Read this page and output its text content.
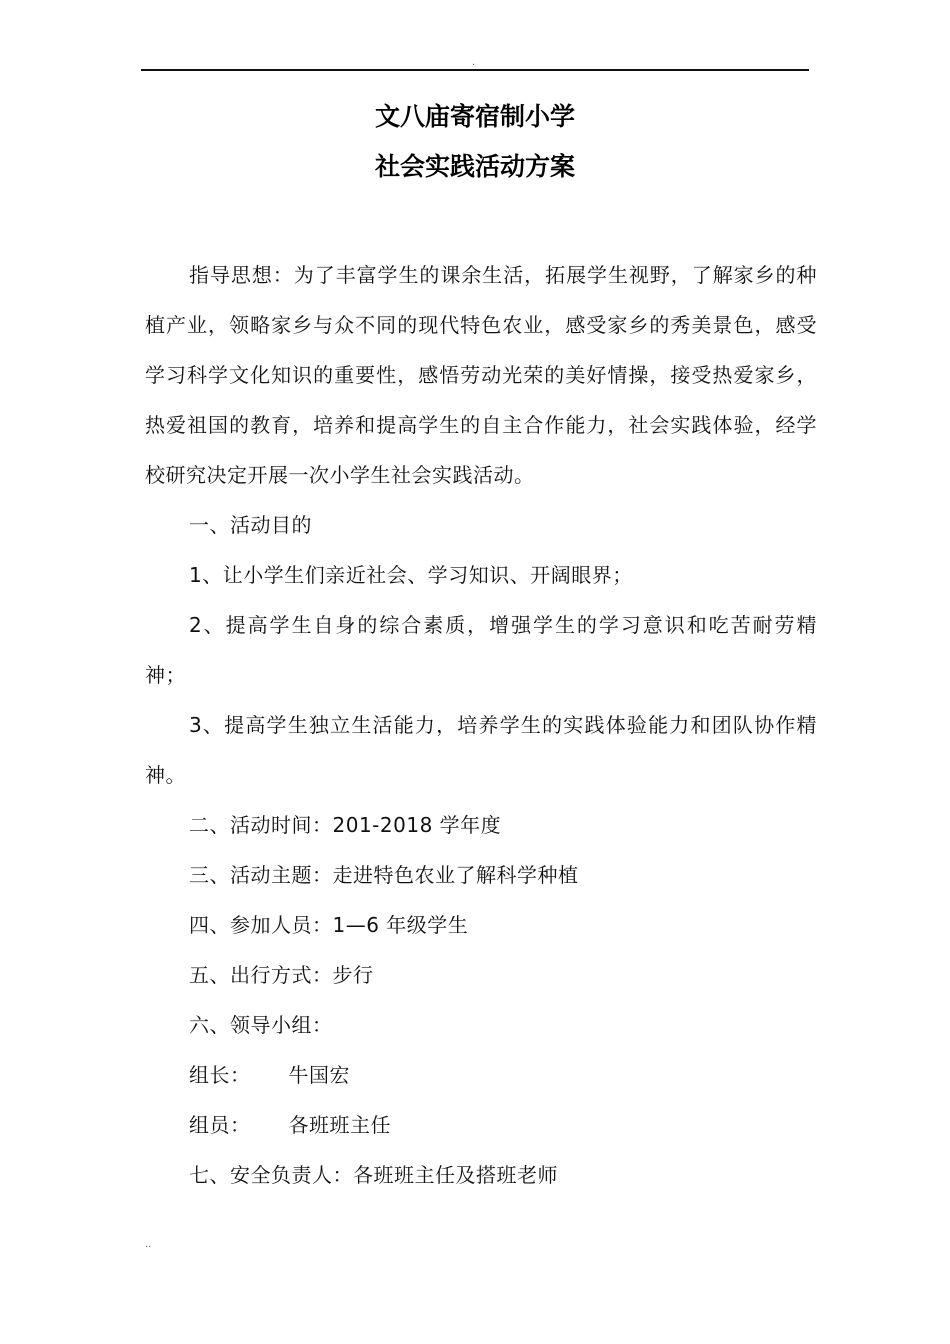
.
文八庙寄宿制小学
社会实践活动方案

指导思想：为了丰富学生的课余生活，拓展学生视野，了解家乡的种植产业，领略家乡与众不同的现代特色农业，感受家乡的秀美景色，感受学习科学文化知识的重要性，感悟劳动光荣的美好情操，接受热爱家乡，热爱祖国的教育，培养和提高学生的自主合作能力，社会实践体验，经学校研究决定开展一次小学生社会实践活动。

一、活动目的

1、让小学生们亲近社会、学习知识、开阔眼界；

2、提高学生自身的综合素质，增强学生的学习意识和吃苦耐劳精神；

3、提高学生独立生活能力，培养学生的实践体验能力和团队协作精神。

二、活动时间：201-2018 学年度

三、活动主题：走进特色农业了解科学种植

四、参加人员：1—6 年级学生

五、出行方式：步行

六、领导小组：

组长： 牛国宏

组员： 各班班主任

七、安全负责人：各班班主任及搭班老师

..
